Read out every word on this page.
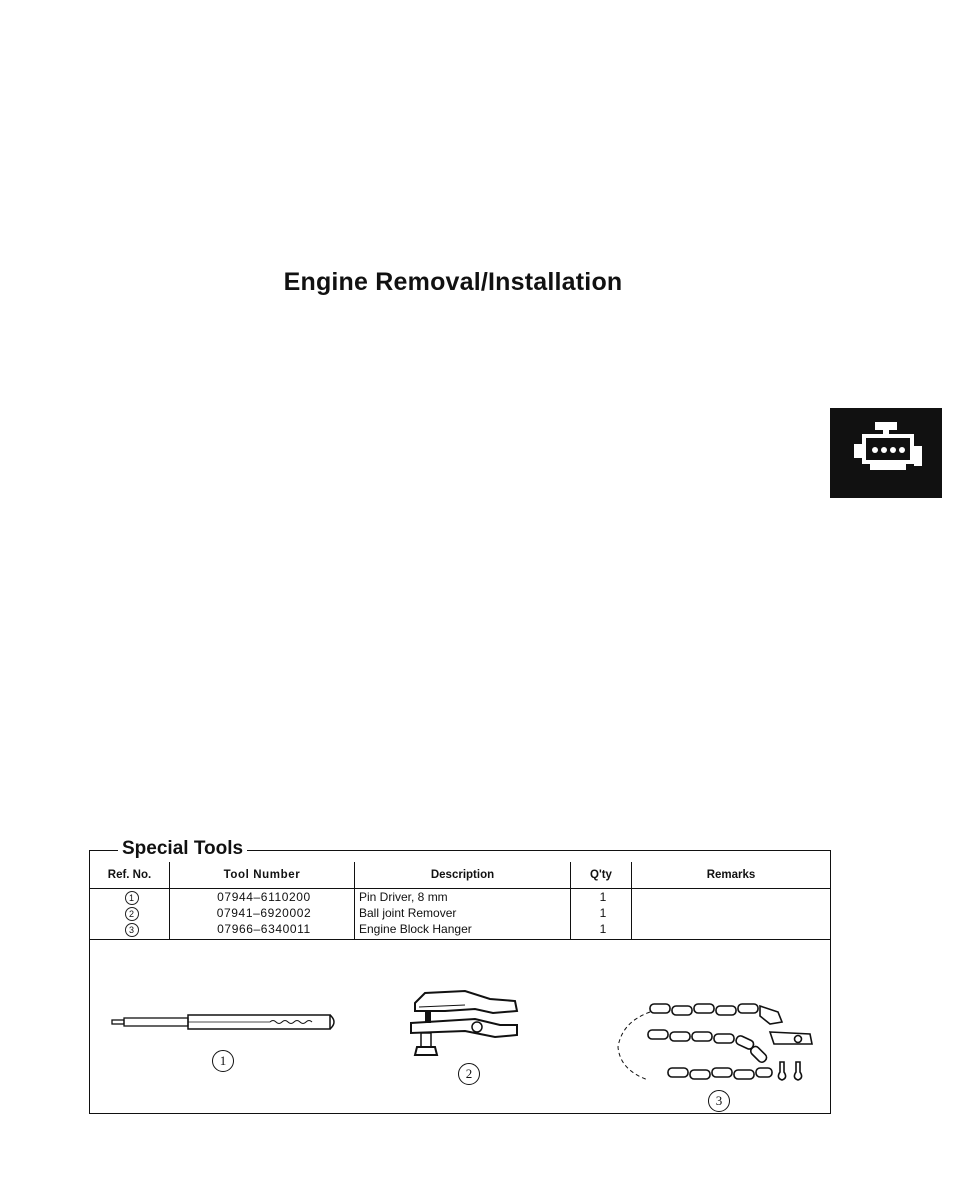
Engine Removal/Installation
Special Tools
Ref. No.	Tool Number	Description	Q'ty	Remarks
1	07944–6110200	Pin Driver, 8 mm	1	
2	07941–6920002	Ball joint Remover	1	
3	07966–6340011	Engine Block Hanger	1	
1
2
3
